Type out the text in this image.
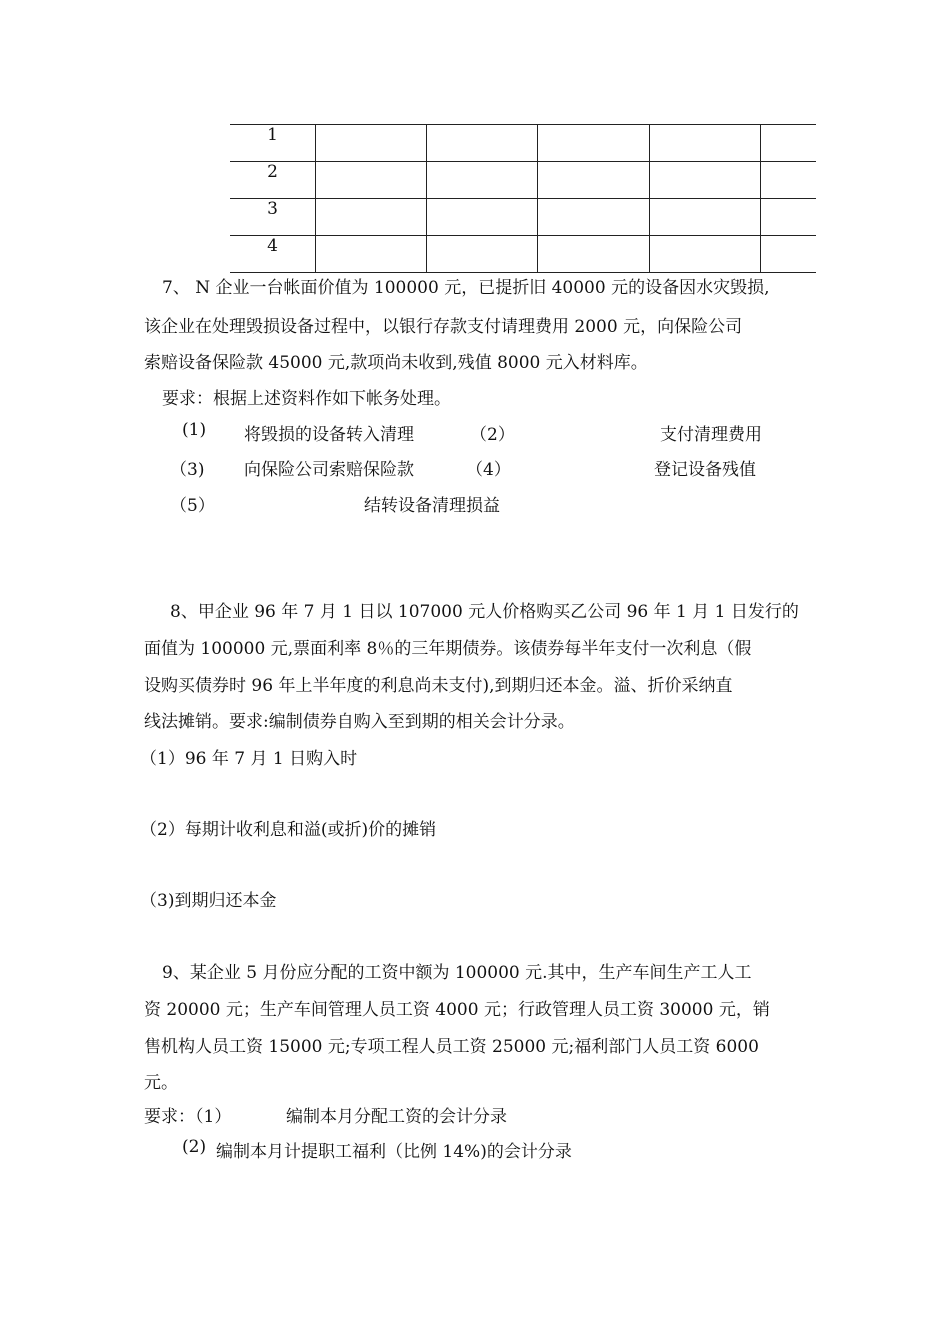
1					
2					
3					
4					
7、 N 企业一台帐面价值为 100000 元，已提折旧 40000 元的设备因水灾毁损,
该企业在处理毁损设备过程中，以银行存款支付请理费用 2000 元，向保险公司
索赔设备保险款 45000 元,款项尚未收到,残值 8000 元入材料库。
要求：根据上述资料作如下帐务处理。
(1) 将毁损的设备转入清理	（2）	支付清理费用
（3) 向保险公司索赔保险款	（4）	登记设备残值
（5）	结转设备清理损益
8、甲企业 96 年 7 月 1 日以 107000 元人价格购买乙公司 96 年 1 月 1 日发行的
面值为 100000 元,票面利率 8％的三年期债券。该债券每半年支付一次利息（假
设购买债券时 96 年上半年度的利息尚未支付),到期归还本金。溢、折价采纳直
线法摊销。要求:编制债券自购入至到期的相关会计分录。
（1）96 年 7 月 1 日购入时
（2）每期计收利息和溢(或折)价的摊销
（3)到期归还本金
9、某企业 5 月份应分配的工资中额为 100000 元.其中，生产车间生产工人工
资 20000 元；生产车间管理人员工资 4000 元；行政管理人员工资 30000 元，销
售机构人员工资 15000 元;专项工程人员工资 25000 元;福利部门人员工资 6000
元。
要求：（1）	编制本月分配工资的会计分录
(2) 编制本月计提职工福利（比例 14%)的会计分录
